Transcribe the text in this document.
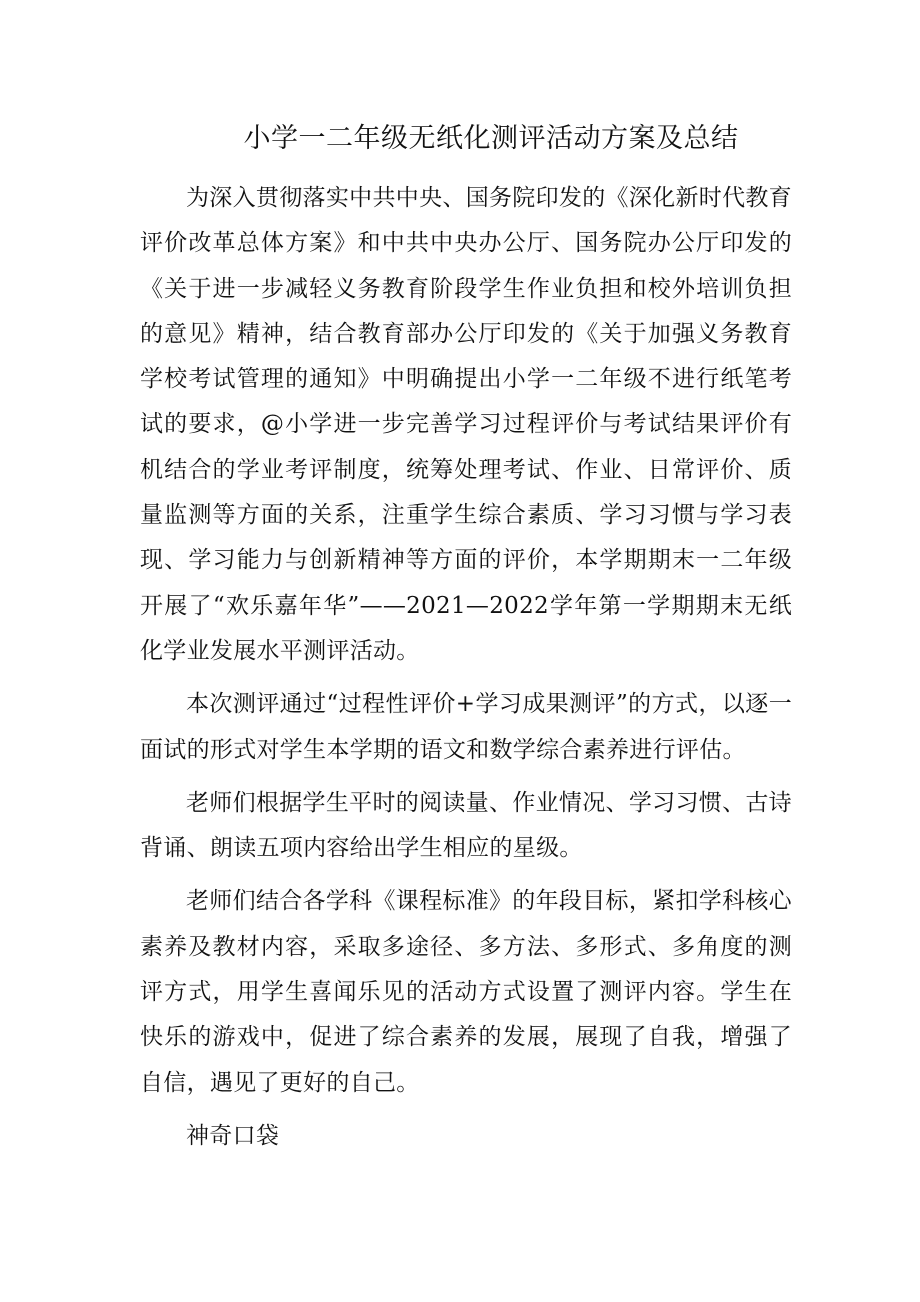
小学一二年级无纸化测评活动方案及总结

为深入贯彻落实中共中央、国务院印发的《深化新时代教育评价改革总体方案》和中共中央办公厅、国务院办公厅印发的《关于进一步减轻义务教育阶段学生作业负担和校外培训负担的意见》精神，结合教育部办公厅印发的《关于加强义务教育学校考试管理的通知》中明确提出小学一二年级不进行纸笔考试的要求，@小学进一步完善学习过程评价与考试结果评价有机结合的学业考评制度，统筹处理考试、作业、日常评价、质量监测等方面的关系，注重学生综合素质、学习习惯与学习表现、学习能力与创新精神等方面的评价，本学期期末一二年级开展了“欢乐嘉年华”——2021—2022学年第一学期期末无纸化学业发展水平测评活动。

本次测评通过“过程性评价+学习成果测评”的方式，以逐一面试的形式对学生本学期的语文和数学综合素养进行评估。

老师们根据学生平时的阅读量、作业情况、学习习惯、古诗背诵、朗读五项内容给出学生相应的星级。

老师们结合各学科《课程标准》的年段目标，紧扣学科核心素养及教材内容，采取多途径、多方法、多形式、多角度的测评方式，用学生喜闻乐见的活动方式设置了测评内容。学生在快乐的游戏中，促进了综合素养的发展，展现了自我，增强了自信，遇见了更好的自己。

神奇口袋
